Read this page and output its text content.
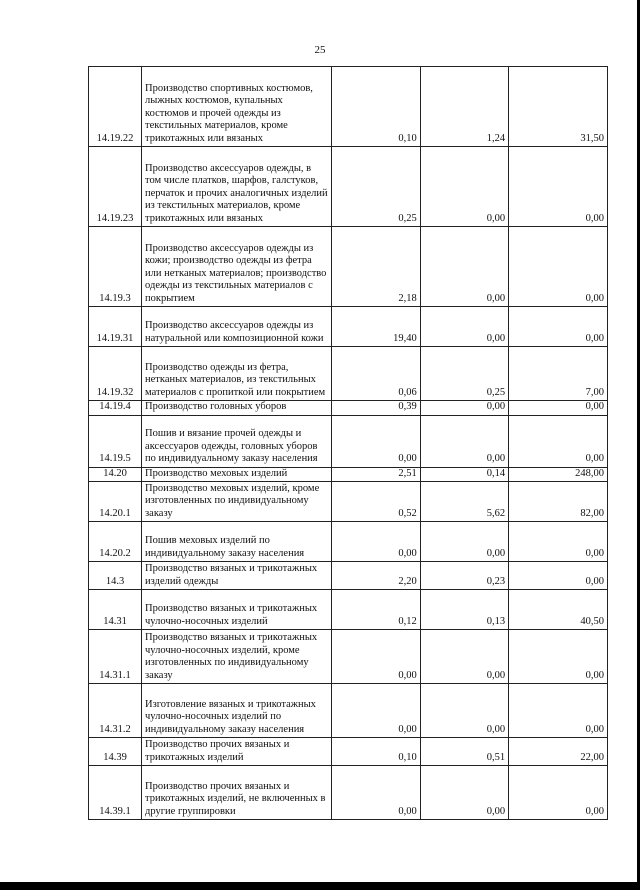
25
14.19.22	Производство спортивных костюмов, лыжных костюмов, купальных костюмов и прочей одежды из текстильных материалов, кроме трикотажных или вязаных	0,10	1,24	31,50
14.19.23	Производство аксессуаров одежды, в том числе платков, шарфов, галстуков, перчаток и прочих аналогичных изделий из текстильных материалов, кроме трикотажных или вязаных	0,25	0,00	0,00
14.19.3	Производство аксессуаров одежды из кожи; производство одежды из фетра или нетканых материалов; производство одежды из текстильных материалов с покрытием	2,18	0,00	0,00
14.19.31	Производство аксессуаров одежды из натуральной или композиционной кожи	19,40	0,00	0,00
14.19.32	Производство одежды из фетра, нетканых материалов, из текстильных материалов с пропиткой или покрытием	0,06	0,25	7,00
14.19.4	Производство головных уборов	0,39	0,00	0,00
14.19.5	Пошив и вязание прочей одежды и аксессуаров одежды, головных уборов по индивидуальному заказу населения	0,00	0,00	0,00
14.20	Производство меховых изделий	2,51	0,14	248,00
14.20.1	Производство меховых изделий, кроме изготовленных по индивидуальному заказу	0,52	5,62	82,00
14.20.2	Пошив меховых изделий по индивидуальному заказу населения	0,00	0,00	0,00
14.3	Производство вязаных и трикотажных изделий одежды	2,20	0,23	0,00
14.31	Производство вязаных и трикотажных чулочно-носочных изделий	0,12	0,13	40,50
14.31.1	Производство вязаных и трикотажных чулочно-носочных изделий, кроме изготовленных по индивидуальному заказу	0,00	0,00	0,00
14.31.2	Изготовление вязаных и трикотажных чулочно-носочных изделий по индивидуальному заказу населения	0,00	0,00	0,00
14.39	Производство прочих вязаных и трикотажных изделий	0,10	0,51	22,00
14.39.1	Производство прочих вязаных и трикотажных изделий, не включенных в другие группировки	0,00	0,00	0,00
